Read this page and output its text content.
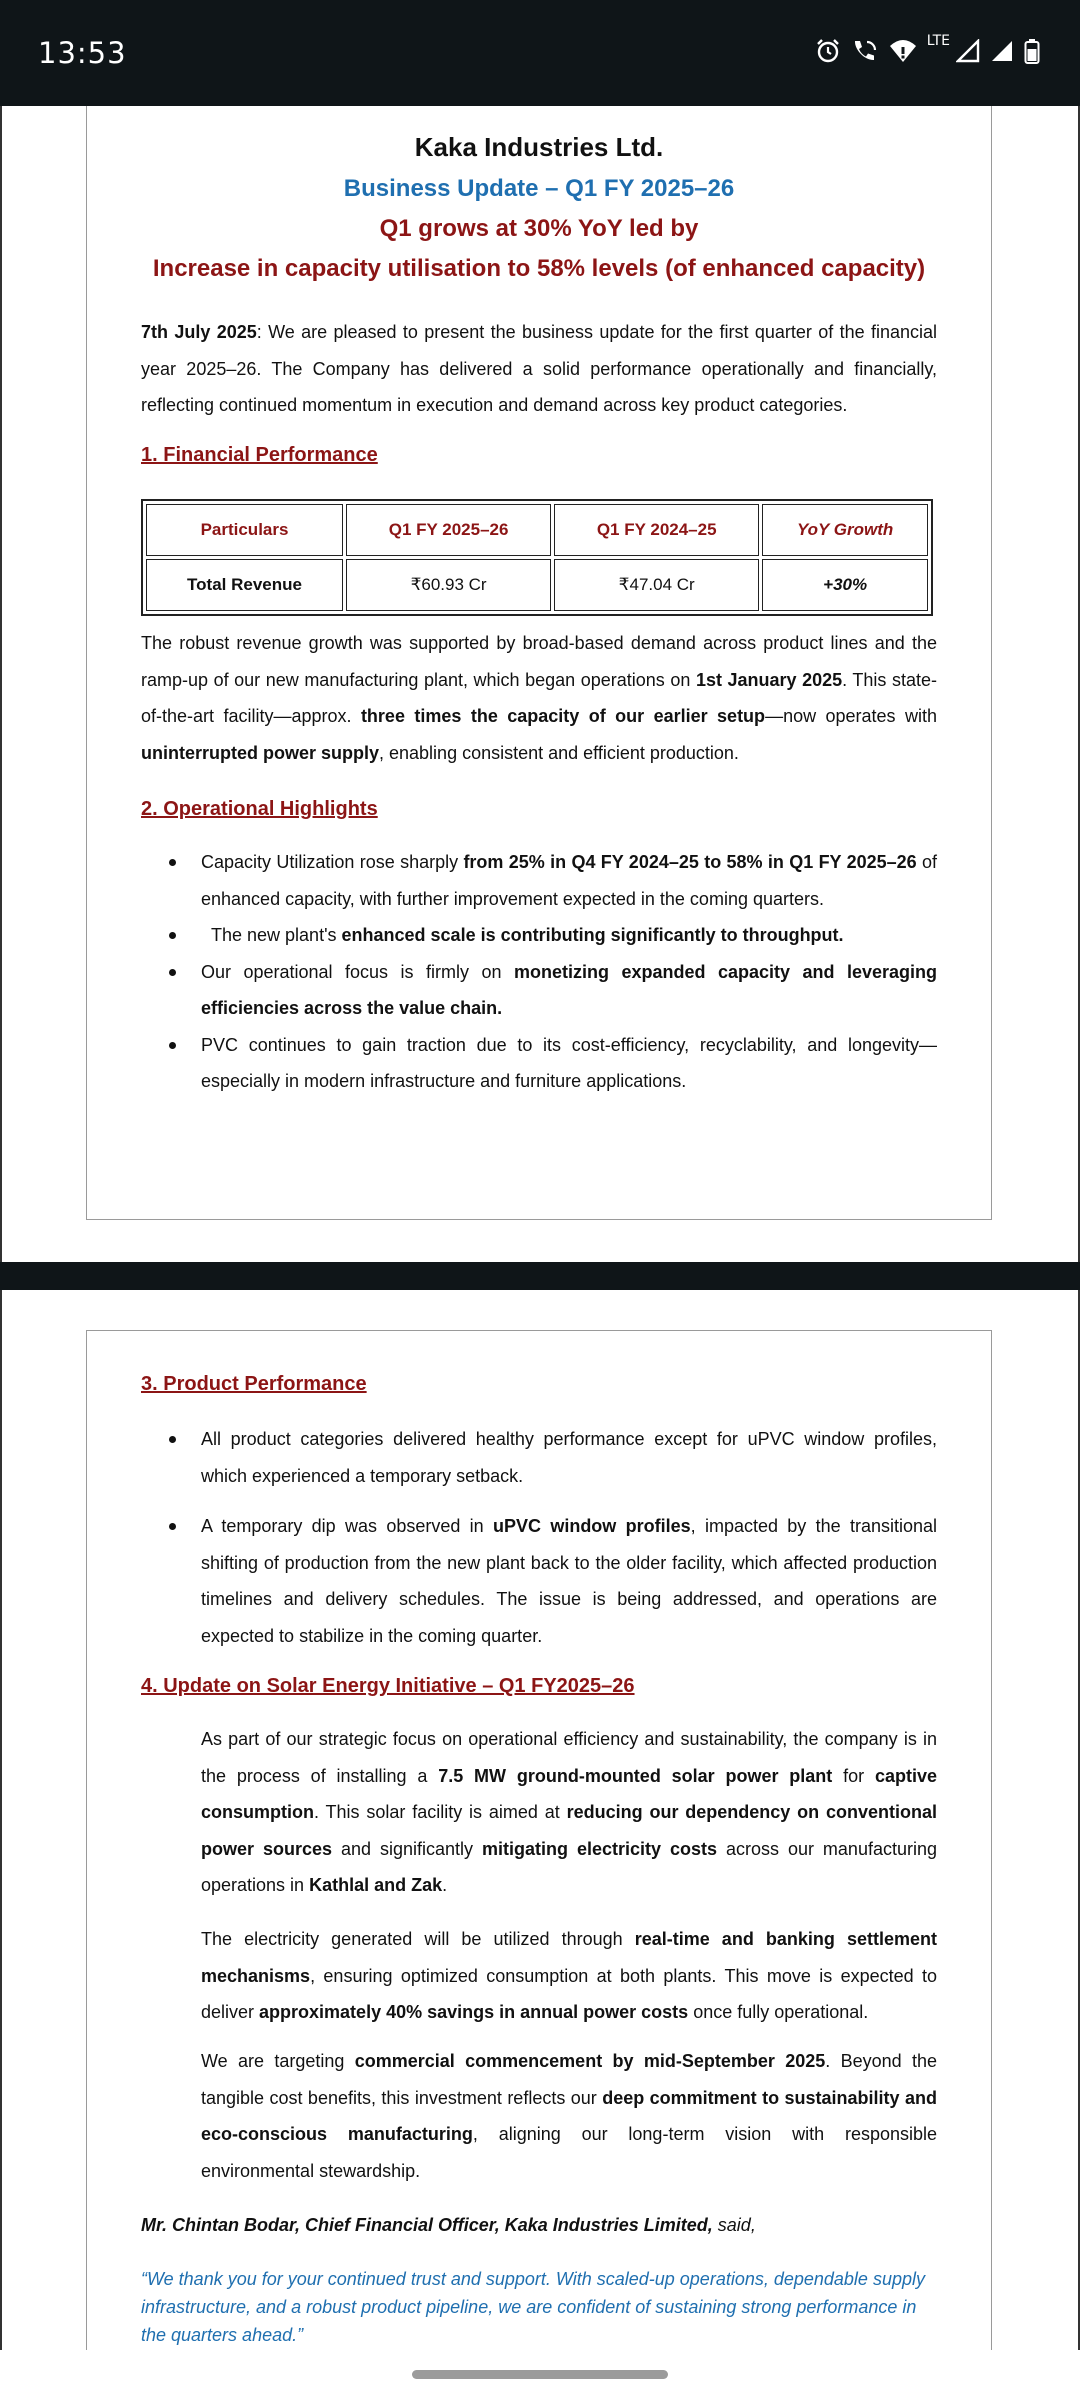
13:53	LTE
Kaka Industries Ltd.
Business Update – Q1 FY 2025–26
Q1 grows at 30% YoY led by
Increase in capacity utilisation to 58% levels (of enhanced capacity)

7th July 2025: We are pleased to present the business update for the first quarter of the financial year 2025–26. The Company has delivered a solid performance operationally and financially, reflecting continued momentum in execution and demand across key product categories.

1. Financial Performance

Particulars	Q1 FY 2025–26	Q1 FY 2024–25	YoY Growth
Total Revenue	₹60.93 Cr	₹47.04 Cr	+30%

The robust revenue growth was supported by broad-based demand across product lines and the ramp-up of our new manufacturing plant, which began operations on 1st January 2025. This state-of-the-art facility—approx. three times the capacity of our earlier setup—now operates with uninterrupted power supply, enabling consistent and efficient production.

2. Operational Highlights

Capacity Utilization rose sharply from 25% in Q4 FY 2024–25 to 58% in Q1 FY 2025–26 of enhanced capacity, with further improvement expected in the coming quarters.
The new plant's enhanced scale is contributing significantly to throughput.
Our operational focus is firmly on monetizing expanded capacity and leveraging efficiencies across the value chain.
PVC continues to gain traction due to its cost-efficiency, recyclability, and longevity—especially in modern infrastructure and furniture applications.

3. Product Performance

All product categories delivered healthy performance except for uPVC window profiles, which experienced a temporary setback.
A temporary dip was observed in uPVC window profiles, impacted by the transitional shifting of production from the new plant back to the older facility, which affected production timelines and delivery schedules. The issue is being addressed, and operations are expected to stabilize in the coming quarter.

4. Update on Solar Energy Initiative – Q1 FY2025–26

As part of our strategic focus on operational efficiency and sustainability, the company is in the process of installing a 7.5 MW ground-mounted solar power plant for captive consumption. This solar facility is aimed at reducing our dependency on conventional power sources and significantly mitigating electricity costs across our manufacturing operations in Kathlal and Zak.

The electricity generated will be utilized through real-time and banking settlement mechanisms, ensuring optimized consumption at both plants. This move is expected to deliver approximately 40% savings in annual power costs once fully operational.

We are targeting commercial commencement by mid-September 2025. Beyond the tangible cost benefits, this investment reflects our deep commitment to sustainability and eco-conscious manufacturing, aligning our long-term vision with responsible environmental stewardship.

Mr. Chintan Bodar, Chief Financial Officer, Kaka Industries Limited, said,

“We thank you for your continued trust and support. With scaled-up operations, dependable supply infrastructure, and a robust product pipeline, we are confident of sustaining strong performance in the quarters ahead.”
